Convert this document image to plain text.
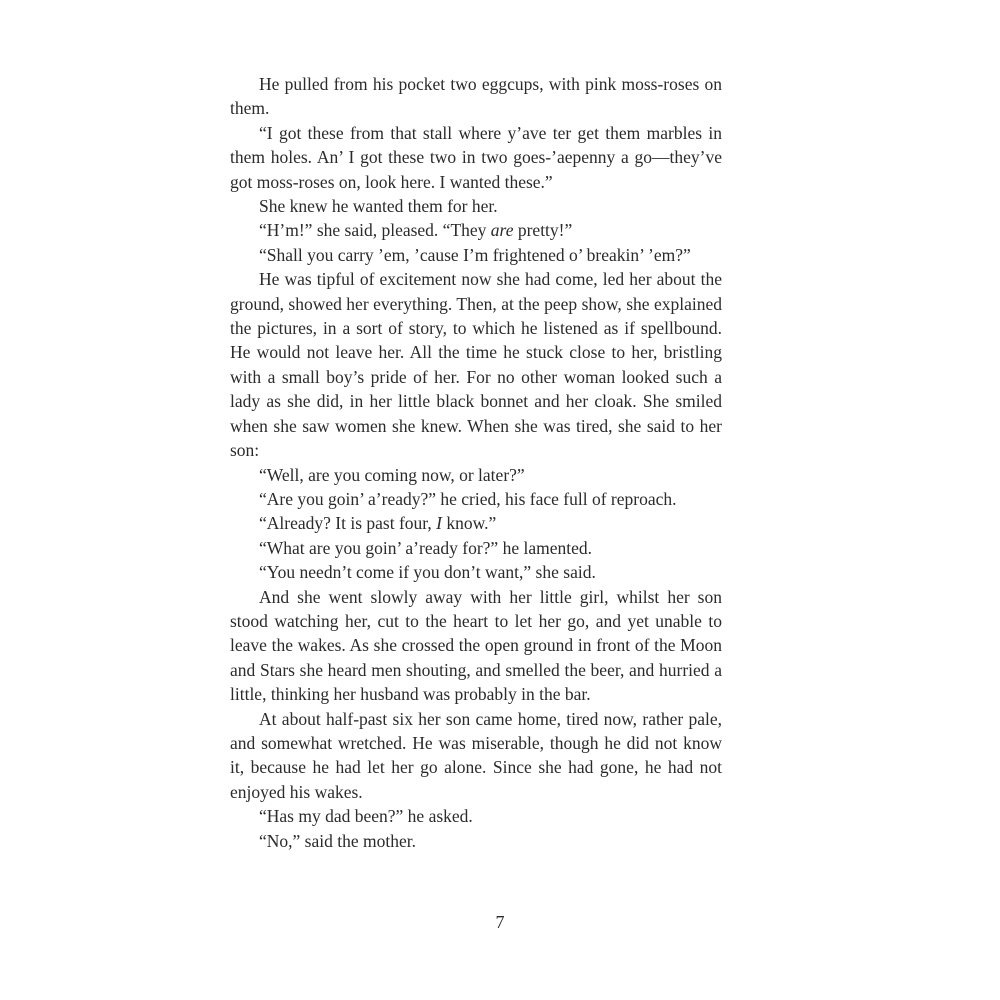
He pulled from his pocket two eggcups, with pink moss-roses on them.

“I got these from that stall where y’ave ter get them marbles in them holes. An’ I got these two in two goes-’aepenny a go—they’ve got moss-roses on, look here. I wanted these.”

She knew he wanted them for her.

“H’m!” she said, pleased. “They are pretty!”

“Shall you carry ’em, ’cause I’m frightened o’ breakin’ ’em?”

He was tipful of excitement now she had come, led her about the ground, showed her everything. Then, at the peep show, she explained the pictures, in a sort of story, to which he listened as if spellbound. He would not leave her. All the time he stuck close to her, bristling with a small boy’s pride of her. For no other woman looked such a lady as she did, in her little black bonnet and her cloak. She smiled when she saw women she knew. When she was tired, she said to her son:

“Well, are you coming now, or later?”

“Are you goin’ a’ready?” he cried, his face full of reproach.

“Already? It is past four, I know.”

“What are you goin’ a’ready for?” he lamented.

“You needn’t come if you don’t want,” she said.

And she went slowly away with her little girl, whilst her son stood watching her, cut to the heart to let her go, and yet unable to leave the wakes. As she crossed the open ground in front of the Moon and Stars she heard men shouting, and smelled the beer, and hurried a little, thinking her husband was probably in the bar.

At about half-past six her son came home, tired now, rather pale, and somewhat wretched. He was miserable, though he did not know it, because he had let her go alone. Since she had gone, he had not enjoyed his wakes.

“Has my dad been?” he asked.

“No,” said the mother.

7
